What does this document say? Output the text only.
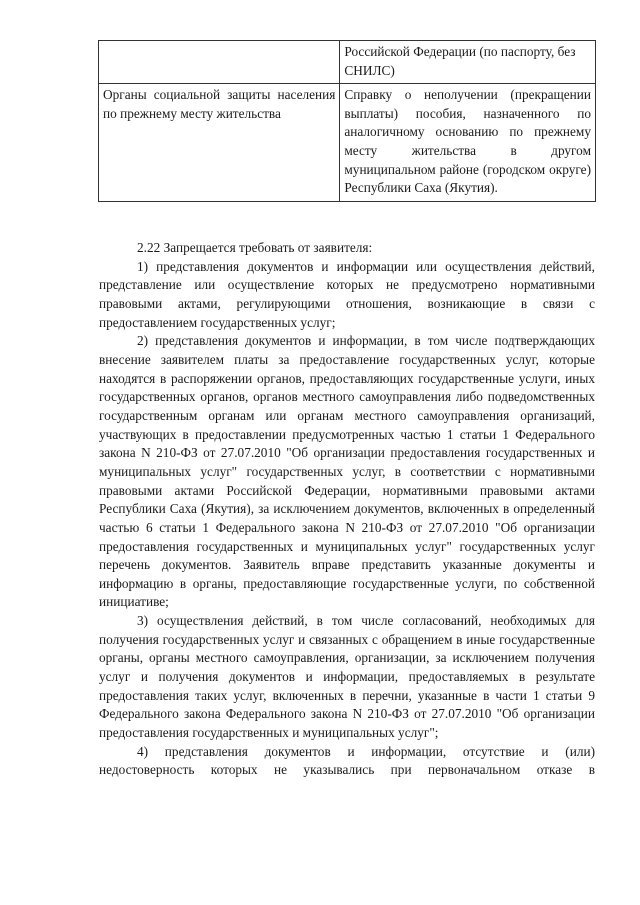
	Российской Федерации (по паспорту, без СНИЛС)
Органы социальной защиты населения по прежнему месту жительства	Справку о неполучении (прекращении выплаты) пособия, назначенного по аналогичному основанию по прежнему месту жительства в другом муниципальном районе (городском округе) Республики Саха (Якутия).

2.22 Запрещается требовать от заявителя:

1) представления документов и информации или осуществления действий, представление или осуществление которых не предусмотрено нормативными правовыми актами, регулирующими отношения, возникающие в связи с предоставлением государственных услуг;

2) представления документов и информации, в том числе подтверждающих внесение заявителем платы за предоставление государственных услуг, которые находятся в распоряжении органов, предоставляющих государственные услуги, иных государственных органов, органов местного самоуправления либо подведомственных государственным органам или органам местного самоуправления организаций, участвующих в предоставлении предусмотренных частью 1 статьи 1 Федерального закона N 210-ФЗ от 27.07.2010 "Об организации предоставления государственных и муниципальных услуг" государственных услуг, в соответствии с нормативными правовыми актами Российской Федерации, нормативными правовыми актами Республики Саха (Якутия), за исключением документов, включенных в определенный частью 6 статьи 1 Федерального закона N 210-ФЗ от 27.07.2010 "Об организации предоставления государственных и муниципальных услуг" государственных услуг перечень документов. Заявитель вправе представить указанные документы и информацию в органы, предоставляющие государственные услуги, по собственной инициативе;

3) осуществления действий, в том числе согласований, необходимых для получения государственных услуг и связанных с обращением в иные государственные органы, органы местного самоуправления, организации, за исключением получения услуг и получения документов и информации, предоставляемых в результате предоставления таких услуг, включенных в перечни, указанные в части 1 статьи 9 Федерального закона Федерального закона N 210-ФЗ от 27.07.2010 "Об организации предоставления государственных и муниципальных услуг";

4) представления документов и информации, отсутствие и (или) недостоверность которых не указывались при первоначальном отказе в
